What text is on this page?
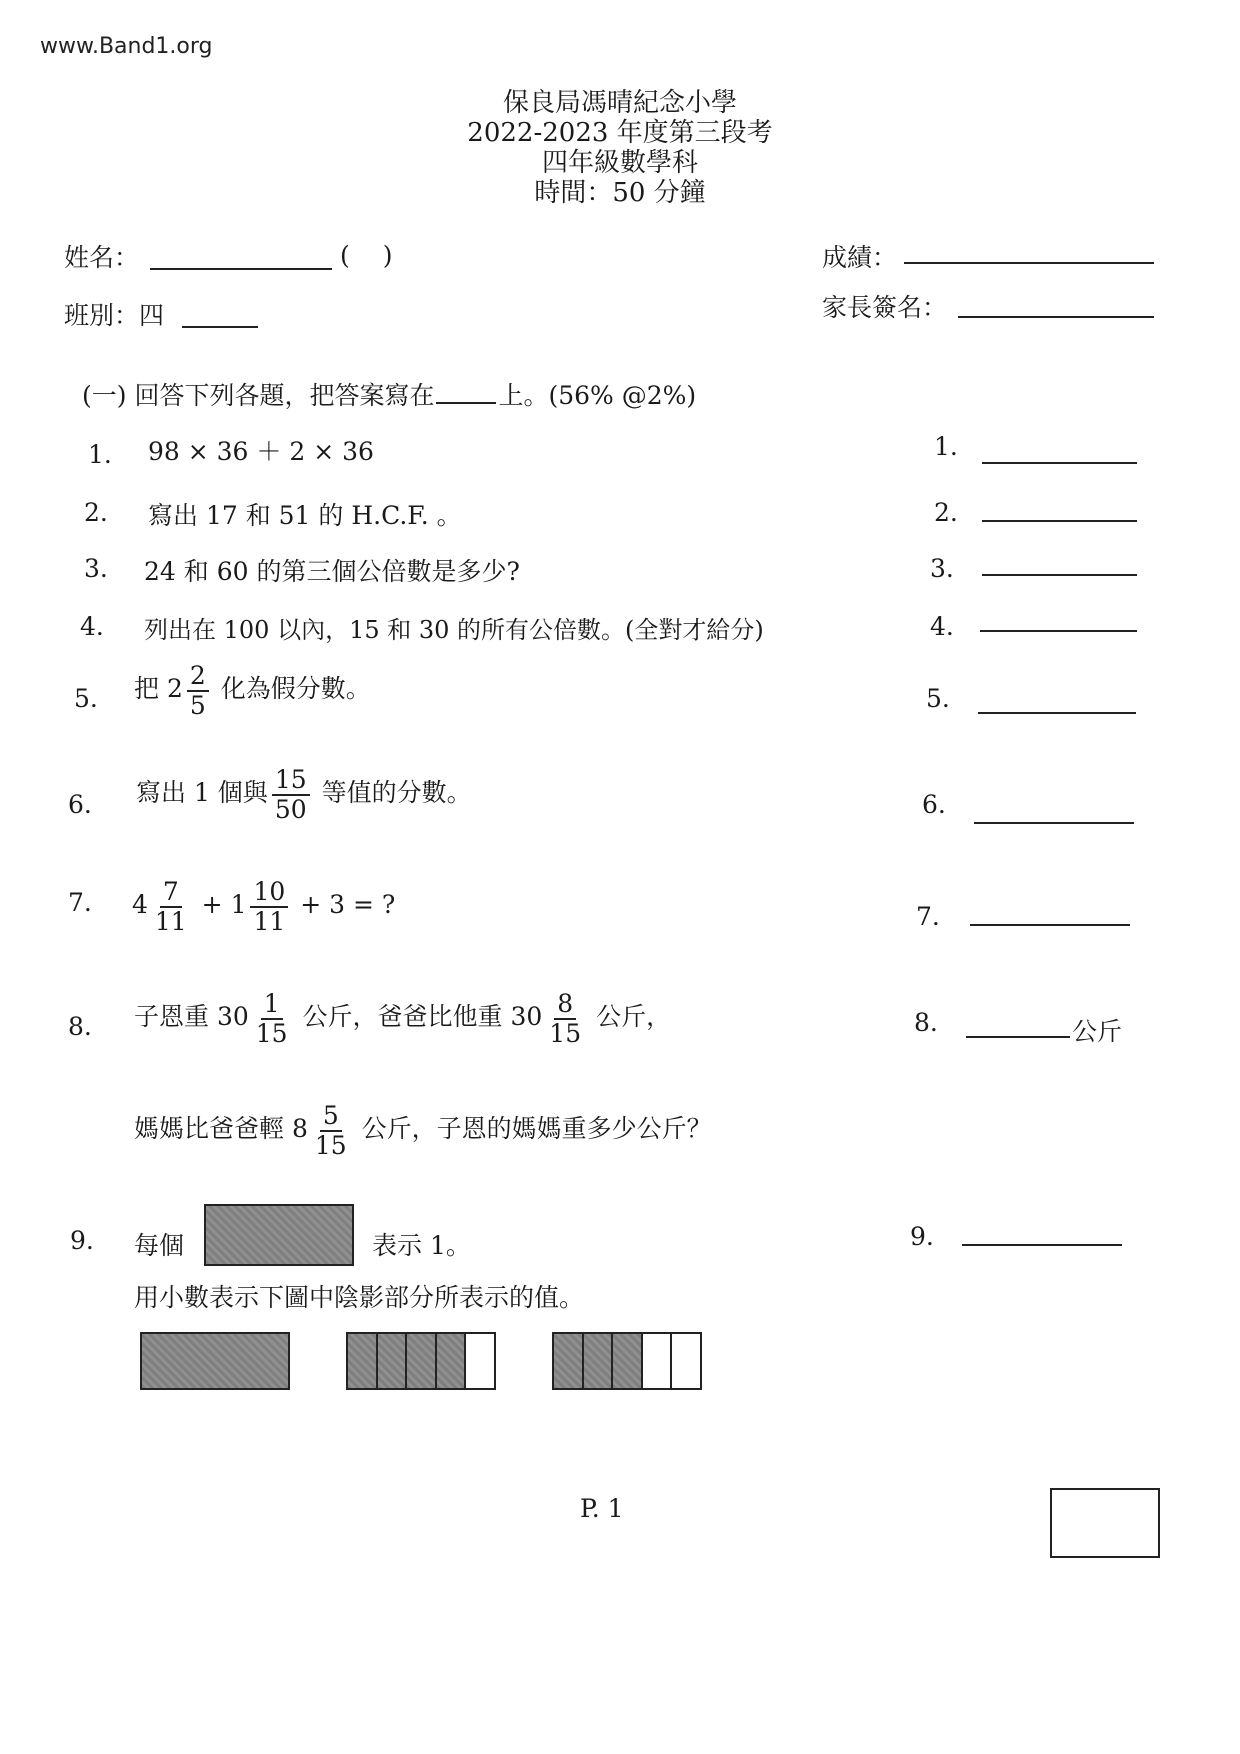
www.Band1.org
保良局馮晴紀念小學
2022-2023 年度第三段考
四年級數學科
時間：50 分鐘
姓名：	(　 )
班別：四
成績：
家長簽名：
(一) 回答下列各題，把答案寫在	上。(56% @2%)
1. 98 × 36 ＋ 2 × 36	1.
2. 寫出 17 和 51 的 H.C.F. 。	2.
3. 24 和 60 的第三個公倍數是多少?	3.
4. 列出在 100 以內，15 和 30 的所有公倍數。(全對才給分)	4.
5. 把 $2 \frac{2}{5}$ 化為假分數。	5.
6. 寫出 1 個與 $\frac{15}{50}$ 等值的分數。	6.
7. $4 \frac{7}{11} + 1 \frac{10}{11} + 3$ = ?	7.
8. 子恩重 $30 \frac{1}{15}$ 公斤，爸爸比他重 $30 \frac{8}{15}$ 公斤，
媽媽比爸爸輕 $8 \frac{5}{15}$ 公斤，子恩的媽媽重多少公斤？
8.	公斤
9. 每個	表示 1。
用小數表示下圖中陰影部分所表示的值。
9.
P. 1
